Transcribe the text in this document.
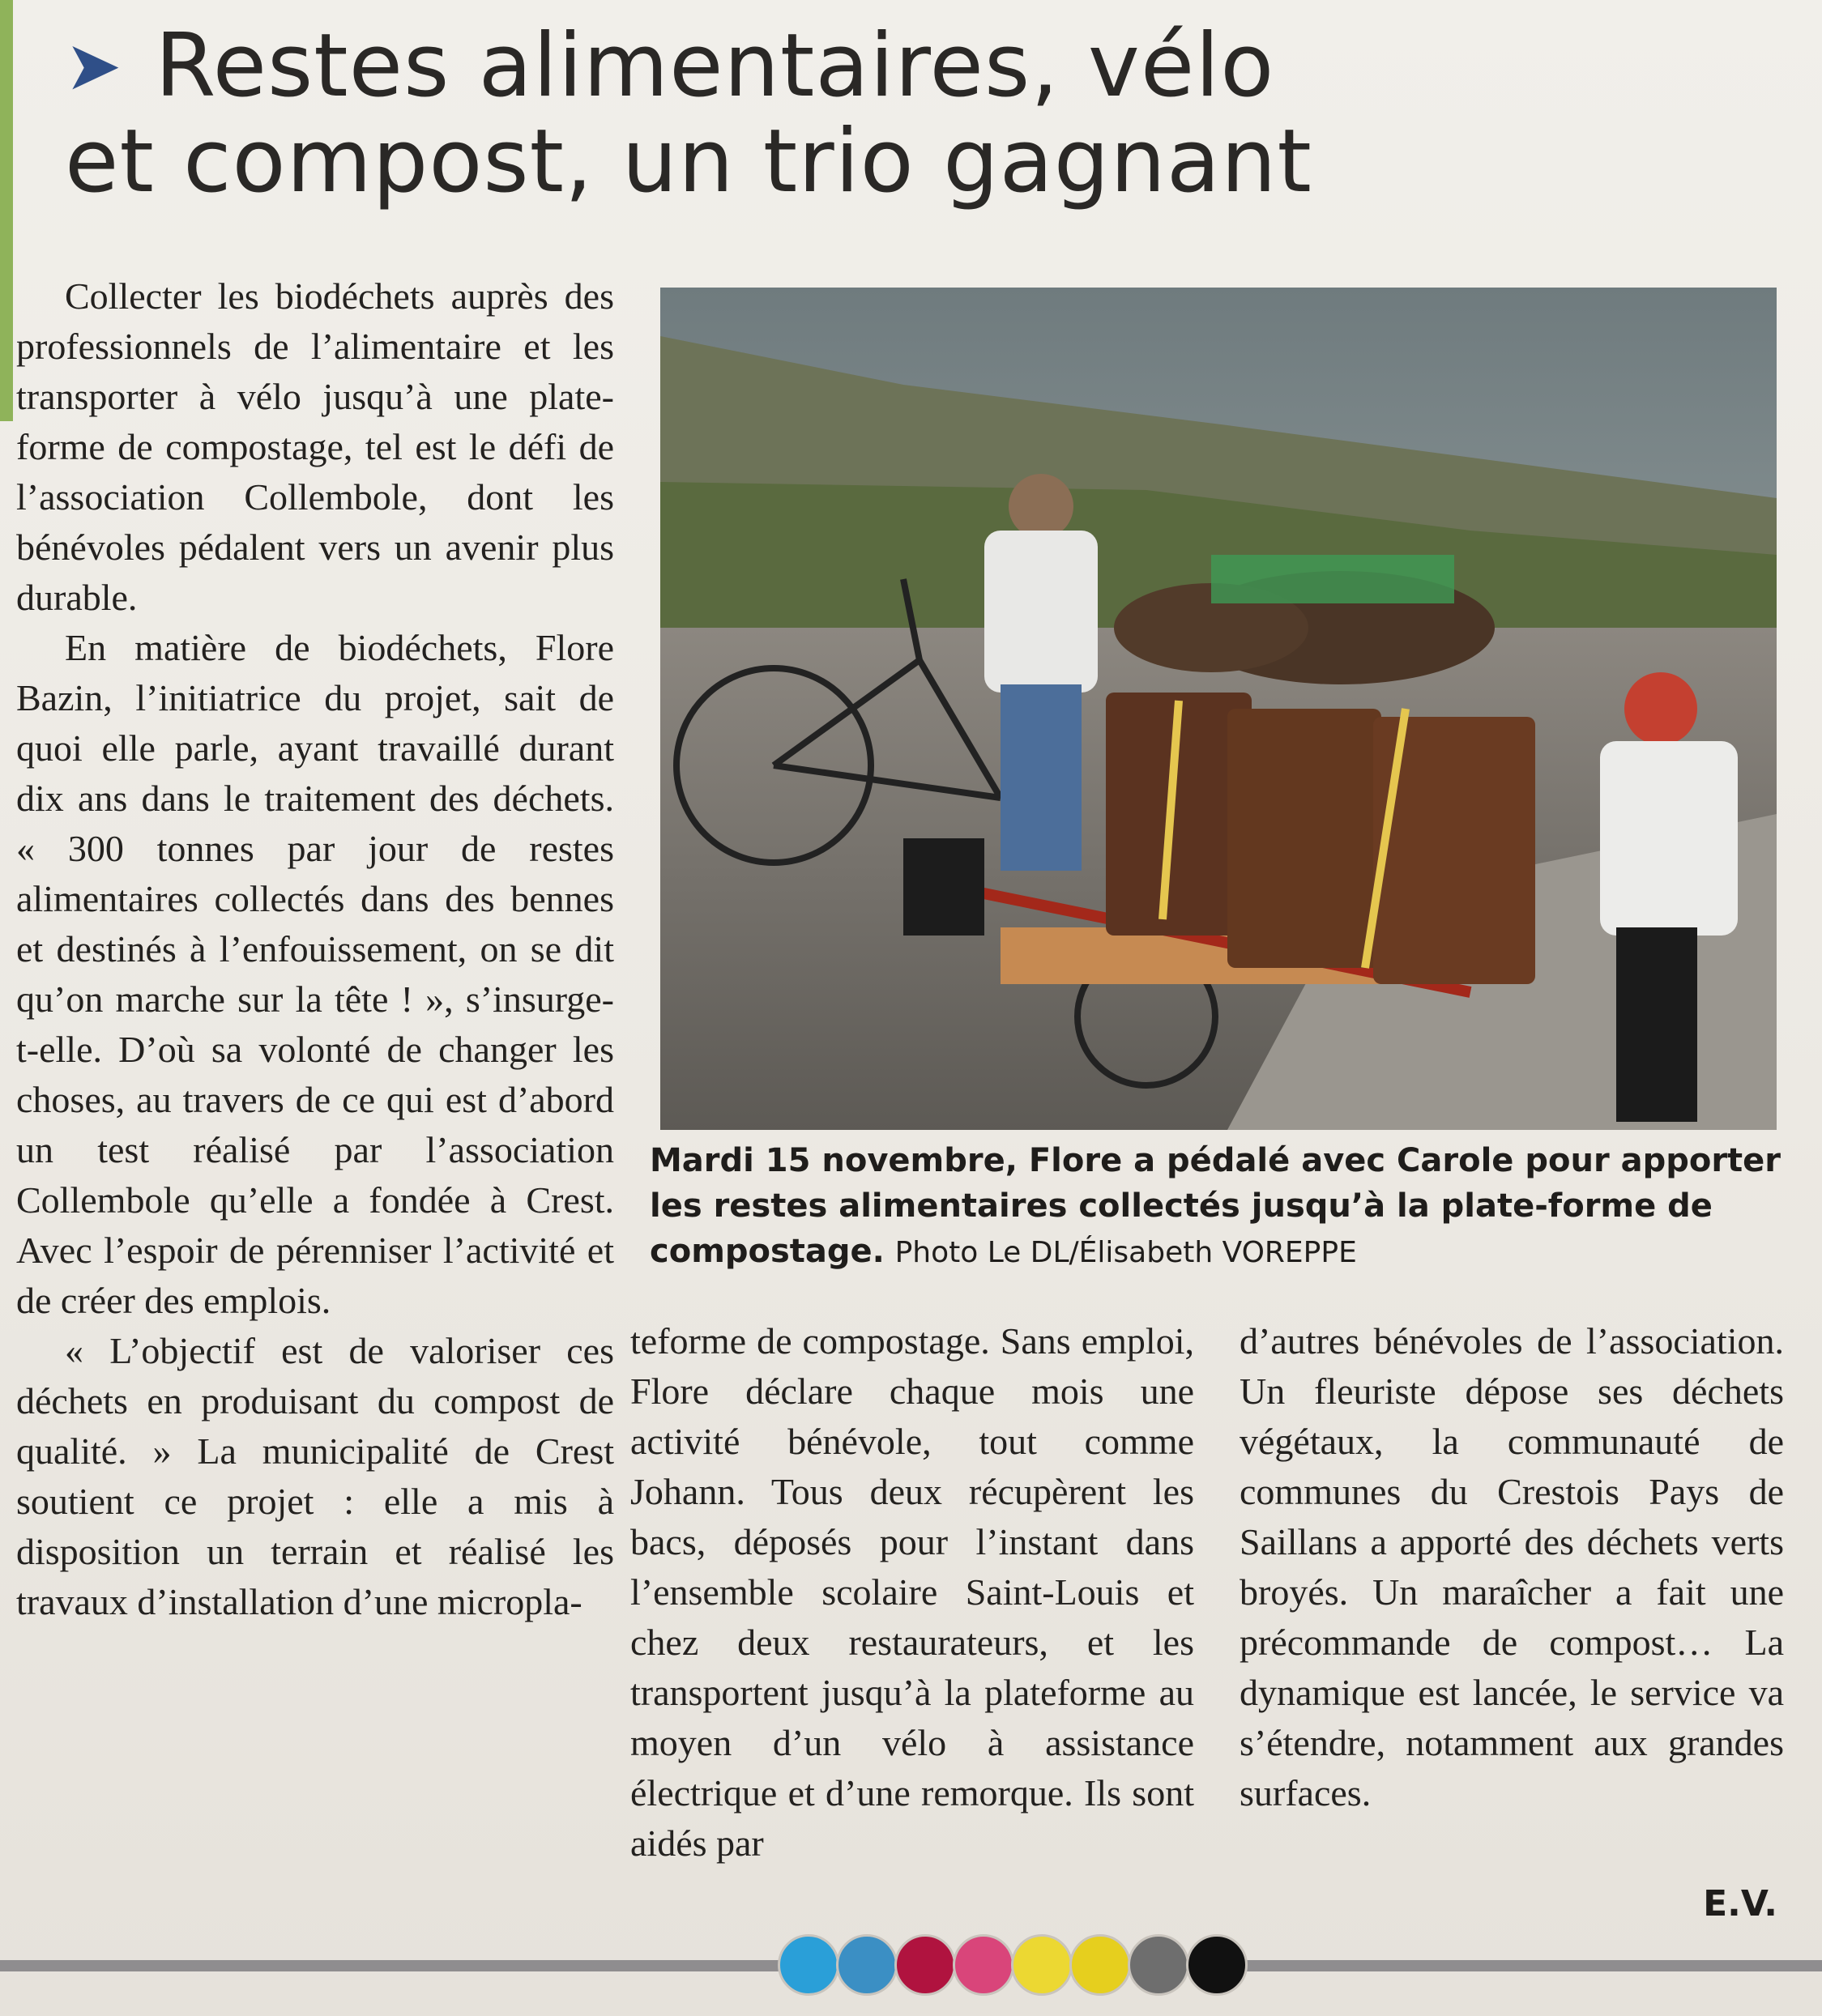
➤ Restes alimentaires, vélo
et compost, un trio gagnant

Collecter les biodéchets auprès des professionnels de l’alimentaire et les transporter à vélo jusqu’à une plate-forme de compostage, tel est le défi de l’association Collembole, dont les bénévoles pédalent vers un avenir plus durable.

En matière de biodéchets, Flore Bazin, l’initiatrice du projet, sait de quoi elle parle, ayant travaillé durant dix ans dans le traitement des déchets. « 300 tonnes par jour de restes alimentaires collectés dans des bennes et destinés à l’enfouissement, on se dit qu’on marche sur la tête ! », s’insurge-t-elle. D’où sa volonté de changer les choses, au travers de ce qui est d’abord un test réalisé par l’association Collembole qu’elle a fondée à Crest. Avec l’espoir de pérenniser l’activité et de créer des emplois.

« L’objectif est de valoriser ces déchets en produisant du compost de qualité. » La municipalité de Crest soutient ce projet : elle a mis à disposition un terrain et réalisé les travaux d’installation d’une micropla-

Mardi 15 novembre, Flore a pédalé avec Carole pour apporter les restes alimentaires collectés jusqu’à la plate-forme de compostage. Photo Le DL/Élisabeth VOREPPE

teforme de compostage. Sans emploi, Flore déclare chaque mois une activité bénévole, tout comme Johann. Tous deux récupèrent les bacs, déposés pour l’instant dans l’ensemble scolaire Saint-Louis et chez deux restaurateurs, et les transportent jusqu’à la plateforme au moyen d’un vélo à assistance électrique et d’une remorque. Ils sont aidés par

d’autres bénévoles de l’association. Un fleuriste dépose ses déchets végétaux, la communauté de communes du Crestois Pays de Saillans a apporté des déchets verts broyés. Un maraîcher a fait une précommande de compost… La dynamique est lancée, le service va s’étendre, notamment aux grandes surfaces.

E.V.
